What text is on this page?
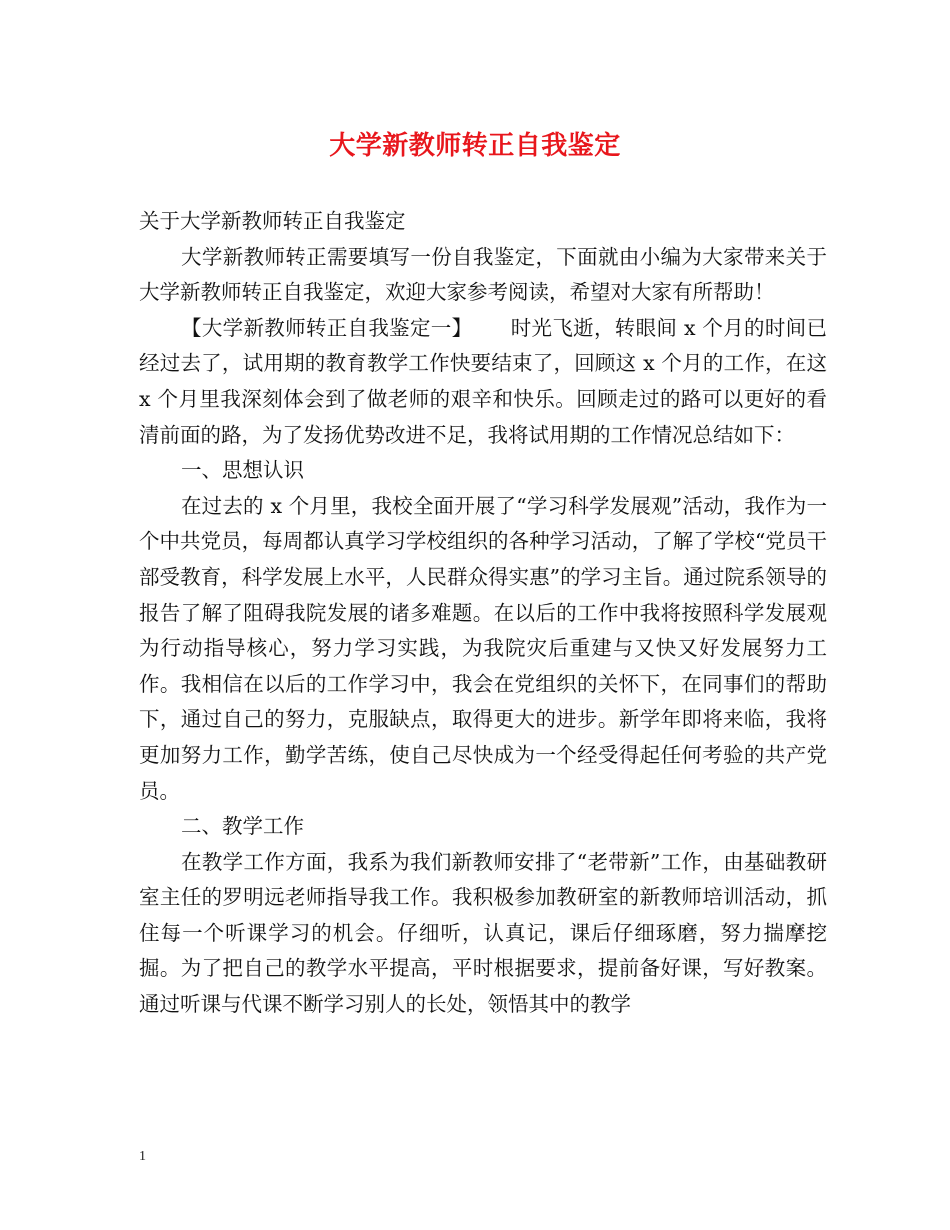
大学新教师转正自我鉴定

关于大学新教师转正自我鉴定

大学新教师转正需要填写一份自我鉴定，下面就由小编为大家带来关于大学新教师转正自我鉴定，欢迎大家参考阅读，希望对大家有所帮助！

【大学新教师转正自我鉴定一】 时光飞逝，转眼间 x 个月的时间已经过去了，试用期的教育教学工作快要结束了，回顾这 x 个月的工作，在这 x 个月里我深刻体会到了做老师的艰辛和快乐。回顾走过的路可以更好的看清前面的路，为了发扬优势改进不足，我将试用期的工作情况总结如下：

一、思想认识

在过去的 x 个月里，我校全面开展了“学习科学发展观”活动，我作为一个中共党员，每周都认真学习学校组织的各种学习活动，了解了学校“党员干部受教育，科学发展上水平，人民群众得实惠”的学习主旨。通过院系领导的报告了解了阻碍我院发展的诸多难题。在以后的工作中我将按照科学发展观为行动指导核心，努力学习实践，为我院灾后重建与又快又好发展努力工作。我相信在以后的工作学习中，我会在党组织的关怀下，在同事们的帮助下，通过自己的努力，克服缺点，取得更大的进步。新学年即将来临，我将更加努力工作，勤学苦练，使自己尽快成为一个经受得起任何考验的共产党员。

二、教学工作

在教学工作方面，我系为我们新教师安排了“老带新”工作，由基础教研室主任的罗明远老师指导我工作。我积极参加教研室的新教师培训活动，抓住每一个听课学习的机会。仔细听，认真记，课后仔细琢磨，努力揣摩挖掘。为了把自己的教学水平提高，平时根据要求，提前备好课，写好教案。通过听课与代课不断学习别人的长处，领悟其中的教学

1
